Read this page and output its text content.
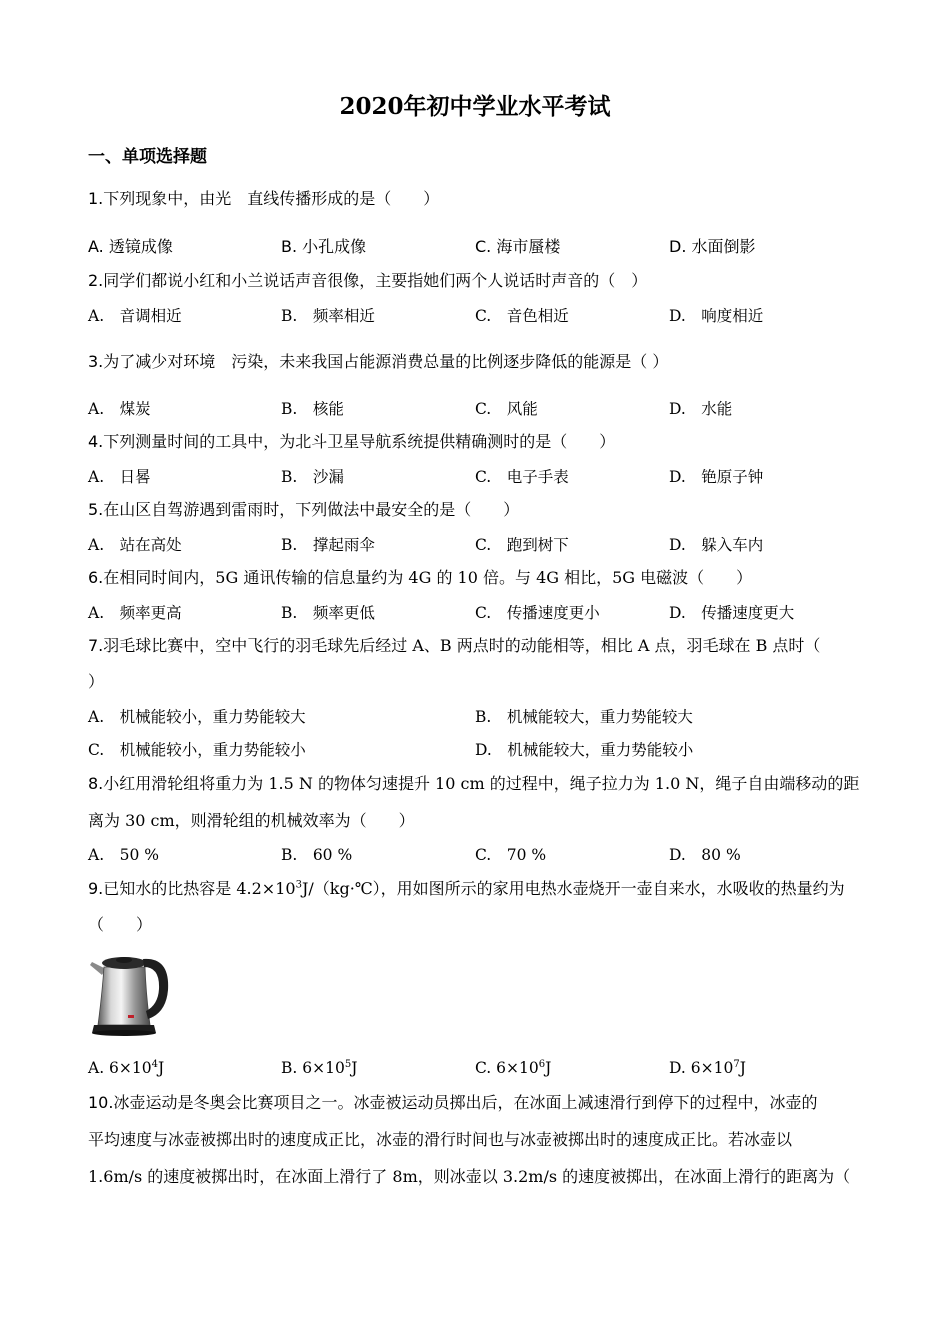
2020年初中学业水平考试
一、单项选择题
1.下列现象中，由光　直线传播形成的是（　　）
A. 透镜成像	B. 小孔成像	C. 海市蜃楼	D. 水面倒影
2.同学们都说小红和小兰说话声音很像，主要指她们两个人说话时声音的（　）
A.　音调相近	B.　频率相近	C.　音色相近	D.　响度相近
3.为了减少对环境　污染，未来我国占能源消费总量的比例逐步降低的能源是（ ）
A.　煤炭	B.　核能	C.　风能	D.　水能
4.下列测量时间的工具中，为北斗卫星导航系统提供精确测时的是（　　）
A.　日晷	B.　沙漏	C.　电子手表	D.　铯原子钟
5.在山区自驾游遇到雷雨时，下列做法中最安全的是（　　）
A.　站在高处	B.　撑起雨伞	C.　跑到树下	D.　躲入车内
6.在相同时间内，5G 通讯传输的信息量约为 4G 的 10 倍。与 4G 相比，5G 电磁波（　　）
A.　频率更高	B.　频率更低	C.　传播速度更小	D.　传播速度更大
7.羽毛球比赛中，空中飞行的羽毛球先后经过 A、B 两点时的动能相等，相比 A 点，羽毛球在 B 点时（
）
A.　机械能较小，重力势能较大	B.　机械能较大，重力势能较大
C.　机械能较小，重力势能较小	D.　机械能较大，重力势能较小
8.小红用滑轮组将重力为 1.5 N 的物体匀速提升 10 cm 的过程中，绳子拉力为 1.0 N，绳子自由端移动的距
离为 30 cm，则滑轮组的机械效率为（　　）
A.　50 %	B.　60 %	C.　70 %	D.　80 %
9.已知水的比热容是 $4.2\times 10^3J/(kg\cdot℃)$，用如图所示的家用电热水壶烧开一壶自来水，水吸收的热量约为
（　　）
A. $6\times 10^4J$	B. $6\times 10^5J$	C. $6\times 10^6J$	D. $6\times 10^7J$
10.冰壶运动是冬奥会比赛项目之一。冰壶被运动员掷出后，在冰面上减速滑行到停下的过程中，冰壶的
平均速度与冰壶被掷出时的速度成正比，冰壶的滑行时间也与冰壶被掷出时的速度成正比。若冰壶以
1.6m/s 的速度被掷出时，在冰面上滑行了 8m，则冰壶以 3.2m/s 的速度被掷出，在冰面上滑行的距离为（
